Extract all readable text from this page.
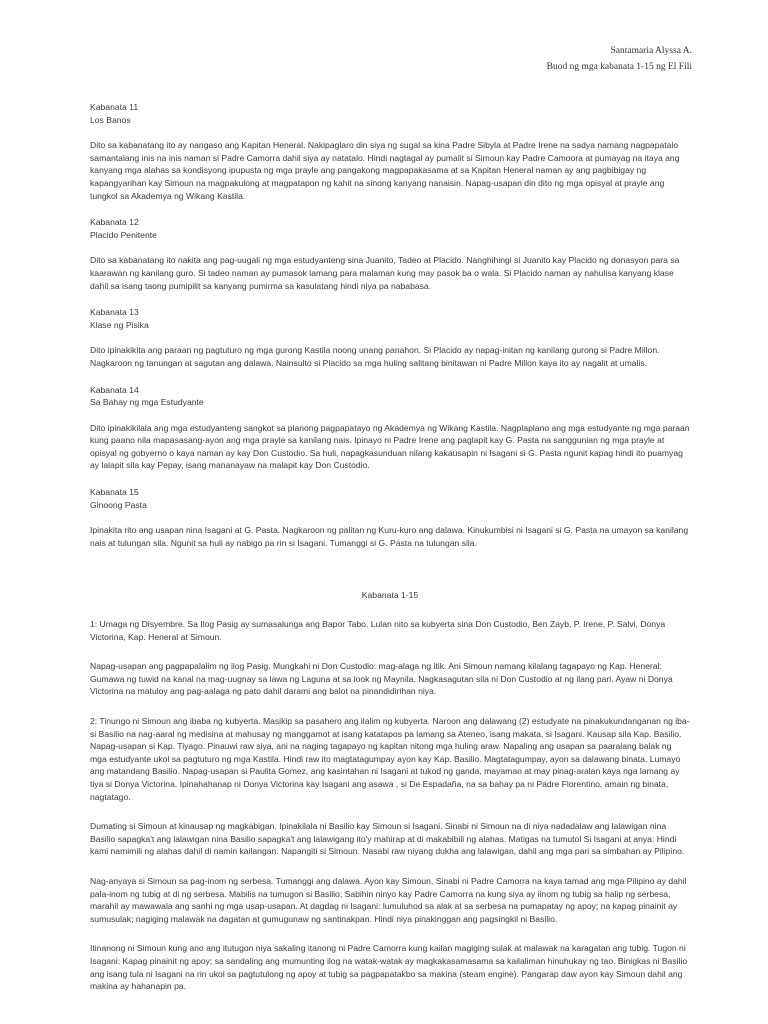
Santamaria Alyssa A.
Buod ng mga kabanata 1-15 ng El Fili
Kabanata 11
Los Banos

Dito sa kabanatang ito ay nangaso ang Kapitan Heneral. Nakipaglaro din siya ng sugal sa kina Padre Sibyla at Padre Irene na sadya namang nagpapatalo samantalang inis na inis naman si Padre Camorra dahil siya ay natatalo. Hindi nagtagal ay pumalit si Simoun kay Padre Camoora at pumayag na itaya ang kanyang mga alahas sa kondisyong ipupusta ng mga prayle ang pangakong magpapakasama at sa Kapitan Heneral naman ay ang pagbibigay ng kapangyarihan kay Simoun na magpakulong at magpatapon ng kahit na sinong kanyang nanaisin. Napag-usapan din dito ng mga opisyal at prayle ang tungkol sa Akademya ng Wikang Kastila.

Kabanata 12
Placido Penitente

Dito sa kabanatang ito nakita ang pag-uugali ng mga estudyanteng sina Juanito, Tadeo at Placido. Nanghihingi si Juanito kay Placido ng donasyon para sa kaarawan ng kanilang guro. Si tadeo naman ay pumasok lamang para malaman kung may pasok ba o wala. Si Placido naman ay nahulisa kanyang klase dahil sa isang taong pumipilit sa kanyang pumirma sa kasulatang hindi niya pa nababasa.

Kabanata 13
Klase ng Pisika

Dito ipinakikita ang paraan ng pagtuturo ng mga gurong Kastila noong unang panahon. Si Placido ay napag-initan ng kanilang gurong si Padre Millon. Nagkaroon ng tanungan at sagutan ang dalawa. Nainsulto si Placido sa mga huling salitang binitawan ni Padre Millon kaya ito ay nagalit at umalis.

Kabanata 14
Sa Bahay ng mga Estudyante

Dito ipinakikilala ang mga estudyanteng sangkot sa planong pagpapatayo ng Akademya ng Wikang Kastila. Nagplaplano ang mga estudyante ng mga paraan kung paano nila mapasasang-ayon ang mga prayle sa kanilang nais. Ipinayo ni Padre Irene ang paglapit kay G. Pasta na sanggunian ng mga prayle at opisyal ng gobyerno o kaya naman ay kay Don Custodio. Sa huli, napagkasunduan nilang kakausapin ni Isagani si G. Pasta ngunit kapag hindi ito puamyag ay lalapit sila kay Pepay, isang mananayaw na malapit kay Don Custodio.

Kabanata 15
Ginoong Pasta

Ipinakita rito ang usapan nina Isagani at G. Pasta. Nagkaroon ng palitan ng Kuru-kuro ang dalawa. Kinukumbisi ni Isagani si G. Pasta na umayon sa kanilang nais at tulungan sila. Ngunit sa huli ay nabigo pa rin si Isagani. Tumanggi si G. Pasta na tulungan sila.

Kabanata 1-15

1: Umaga ng Disyembre. Sa Ilog Pasig ay sumasalunga ang Bapor Tabo. Lulan nito sa kubyerta sina Don Custodio, Ben Zayb, P. Irene, P. Salvi, Donya Victorina, Kap. Heneral at Simoun.

Napag-usapan ang pagpapalalim ng ilog Pasig. Mungkahi ni Don Custodio: mag-alaga ng itik. Ani Simoun namang kilalang tagapayo ng Kap. Heneral: Gumawa ng tuwid na kanal na mag-uugnay sa lawa ng Laguna at sa look ng Maynila. Nagkasagutan sila ni Don Custodio at ng ilang pari. Ayaw ni Donya Victorina na matuloy ang pag-aalaga ng pato dahil darami ang balot na pinandidirihan niya.

2: Tinungo ni Simoun ang ibaba ng kubyerta. Masikip sa pasahero ang ilalim ng kubyerta. Naroon ang dalawang (2) estudyate na pinakukundanganan ng iba-si Basilio na nag-aaral ng medisina at mahusay ng manggamot at isang katatapos pa lamang sa Ateneo, isang makata, si Isagani. Kausap sila Kap. Basilio. Napag-usapan si Kap. Tiyago. Pinauwi raw siya, ani na naging tagapayo ng kapitan nitong mga huling araw. Napaling ang usapan sa paaralang balak ng mga estudyante ukol sa pagtuturo ng mga Kastila. Hindi raw ito magtatagumpay ayon kay Kap. Basilio. Magtatagumpay, ayon sa dalawang binata. Lumayo ang matandang Basilio. Napag-usapan si Paulita Gomez, ang kasintahan ni Isagani at tukod ng ganda, mayaman at may pinag-aralan kaya nga lamang ay tiya si Donya Victorina. Ipinahahanap ni Donya Victorina kay Isagani ang asawa , si De Espadaña, na sa bahay pa ni Padre Florentino, amain ng binata, nagtatago.

Dumating si Simoun at kinausap ng magkabigan. Ipinakilala ni Basilio kay Simoun si Isagani. Sinabi ni Simoun na di niya nadadalaw ang lalawigan nina Basilio sapagka't ang lalawigan nina Basilio sapagka't ang lalawigang ito'y mahirap at di makabibili ng alahas. Matigas na tumutol Si Isagani at anya: Hindi kami namimili ng alahas dahil di namin kailangan. Napangiti si Simoun. Nasabi raw niyang dukha ang lalawigan, dahil ang mga pari sa simbahan ay Pilipino.

Nag-anyaya si Simoun sa pag-inom ng serbesa. Tumanggi ang dalawa. Ayon kay Simoun, Sinabi ni Padre Camorra na kaya tamad ang mga Pilipino ay dahil pala-inom ng tubig at di ng serbesa. Mabilis na tumugon si Basilio; Sabihin ninyo kay Padre Camorra na kung siya ay iinom ng tubig sa halip ng serbesa, marahil ay mawawala ang sanhi ng mga usap-usapan. At dagdag ni Isagani: lumuluhod sa alak at sa serbesa na pumapatay ng apoy; na kapag pinainit ay sumusulak; nagiging malawak na dagatan at gumugunaw ng santinakpan. Hindi niya pinakinggan ang pagsingkil ni Basilio.

Itinanong ni Simoun kung ano ang itutugon niya sakaling itanong ni Padre Camorra kung kailan magiging sulak at malawak na karagatan ang tubig. Tugon ni Isagani: Kapag pinainit ng apoy; sa sandaling ang mumunting ilog na watak-watak ay magkakasamasama sa kailaliman hinuhukay ng tao. Binigkas ni Basilio ang isang tula ni Isagani na rin ukol sa pagtutulong ng apoy at tubig sa pagpapatakbo sa makina (steam engine). Pangarap daw ayon kay Simoun dahil ang makina ay hahanapin pa.
